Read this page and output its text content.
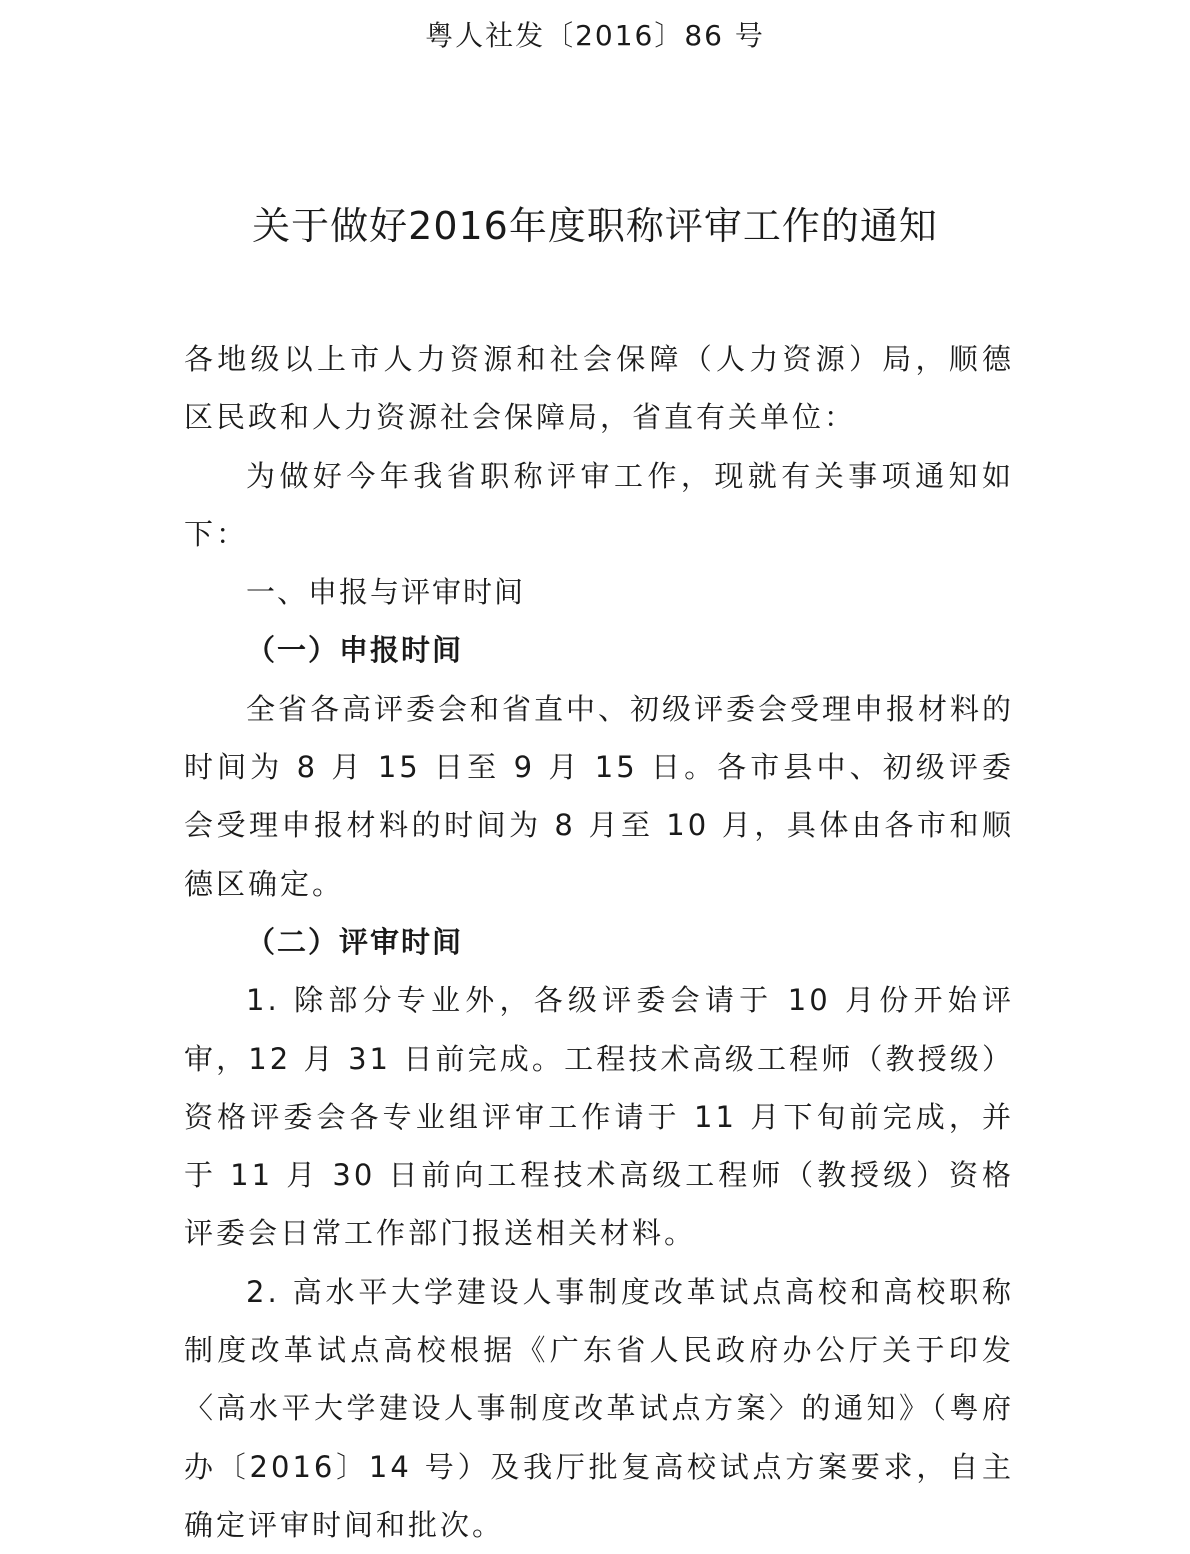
粤人社发〔2016〕86 号
关于做好2016年度职称评审工作的通知

各地级以上市人力资源和社会保障（人力资源）局，顺德区民政和人力资源社会保障局，省直有关单位：

为做好今年我省职称评审工作，现就有关事项通知如下：

一、申报与评审时间

（一）申报时间

全省各高评委会和省直中、初级评委会受理申报材料的时间为 8 月 15 日至 9 月 15 日。各市县中、初级评委会受理申报材料的时间为 8 月至 10 月，具体由各市和顺德区确定。

（二）评审时间

1. 除部分专业外，各级评委会请于 10 月份开始评审，12 月 31 日前完成。工程技术高级工程师（教授级）资格评委会各专业组评审工作请于 11 月下旬前完成，并于 11 月 30 日前向工程技术高级工程师（教授级）资格评委会日常工作部门报送相关材料。

2. 高水平大学建设人事制度改革试点高校和高校职称制度改革试点高校根据《广东省人民政府办公厅关于印发〈高水平大学建设人事制度改革试点方案〉的通知》（粤府办〔2016〕14 号）及我厅批复高校试点方案要求，自主确定评审时间和批次。
